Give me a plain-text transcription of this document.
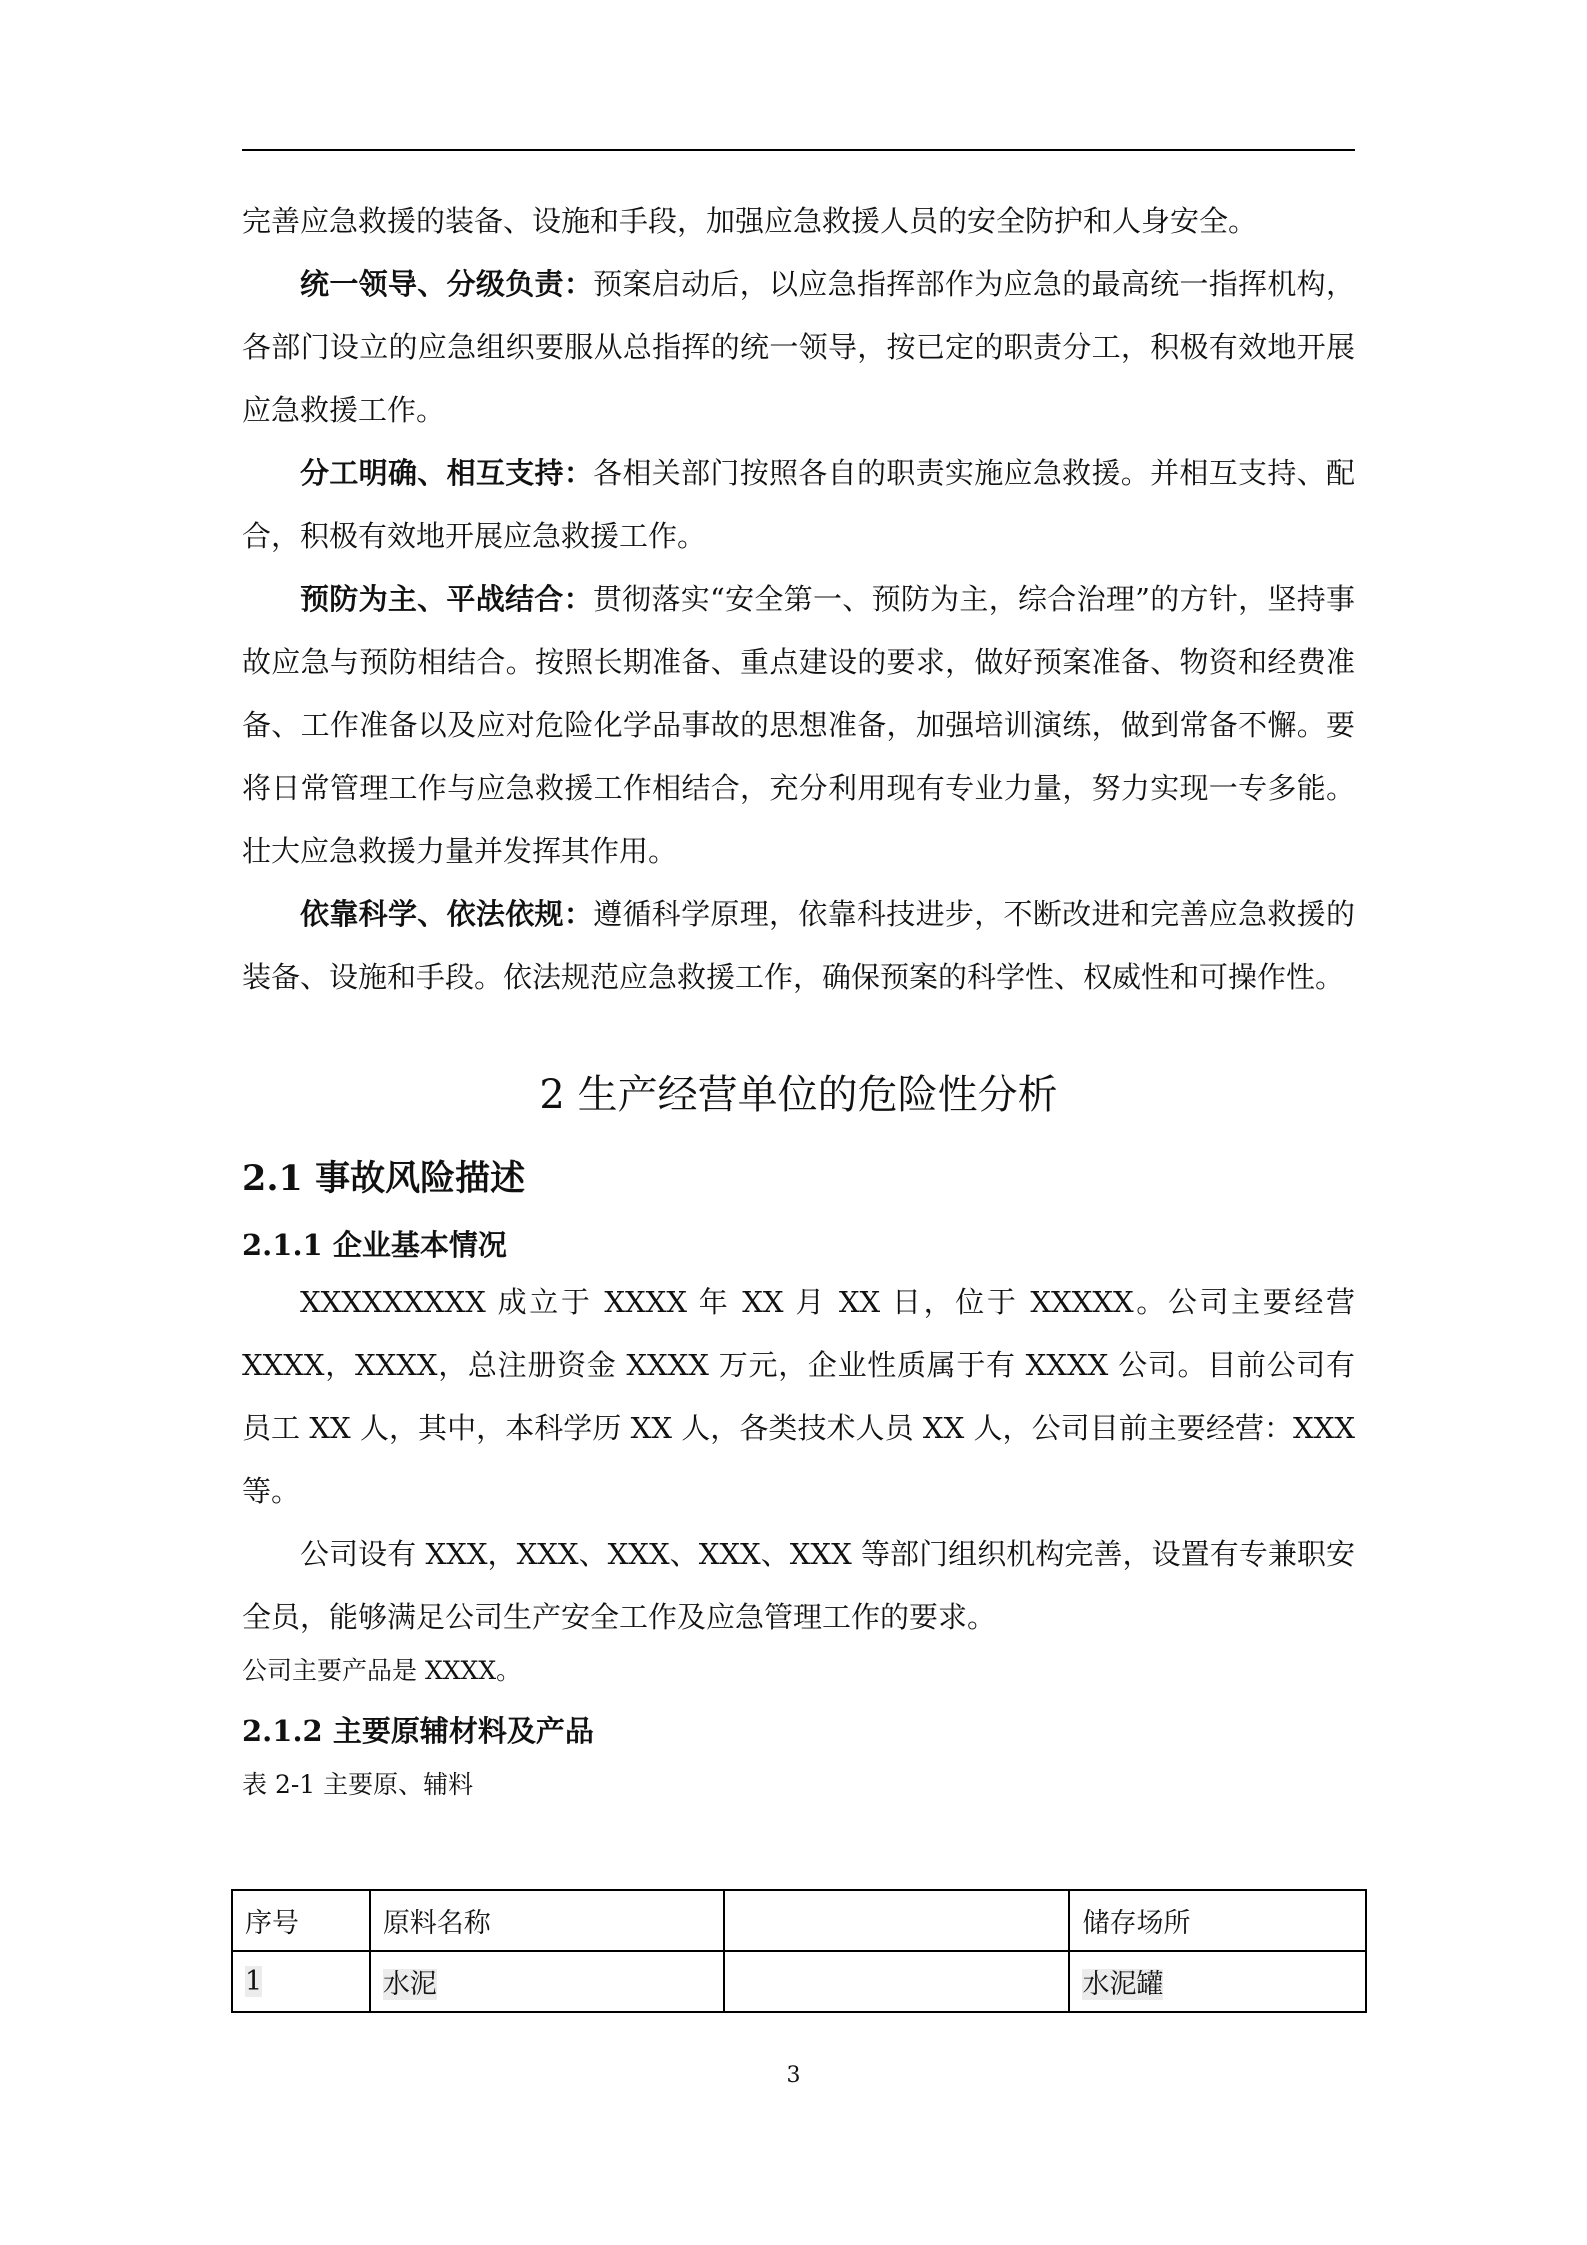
完善应急救援的装备、设施和手段，加强应急救援人员的安全防护和人身安全。

统一领导、分级负责：预案启动后，以应急指挥部作为应急的最高统一指挥机构，各部门设立的应急组织要服从总指挥的统一领导，按已定的职责分工，积极有效地开展应急救援工作。

分工明确、相互支持：各相关部门按照各自的职责实施应急救援。并相互支持、配合，积极有效地开展应急救援工作。

预防为主、平战结合：贯彻落实“安全第一、预防为主，综合治理”的方针，坚持事故应急与预防相结合。按照长期准备、重点建设的要求，做好预案准备、物资和经费准备、工作准备以及应对危险化学品事故的思想准备，加强培训演练，做到常备不懈。要将日常管理工作与应急救援工作相结合，充分利用现有专业力量，努力实现一专多能。壮大应急救援力量并发挥其作用。

依靠科学、依法依规：遵循科学原理，依靠科技进步，不断改进和完善应急救援的装备、设施和手段。依法规范应急救援工作，确保预案的科学性、权威性和可操作性。

2 生产经营单位的危险性分析
2.1 事故风险描述
2.1.1 企业基本情况

XXXXXXXXX 成立于 XXXX 年 XX 月 XX 日，位于 XXXXX。公司主要经营 XXXX，XXXX，总注册资金 XXXX 万元，企业性质属于有 XXXX 公司。目前公司有员工 XX 人，其中，本科学历 XX 人，各类技术人员 XX 人，公司目前主要经营：XXX 等。

公司设有 XXX，XXX、XXX、XXX、XXX 等部门组织机构完善，设置有专兼职安全员，能够满足公司生产安全工作及应急管理工作的要求。

公司主要产品是 XXXX。

2.1.2 主要原辅材料及产品

表 2-1 主要原、辅料

序号	原料名称		储存场所
1	水泥		水泥罐
3
